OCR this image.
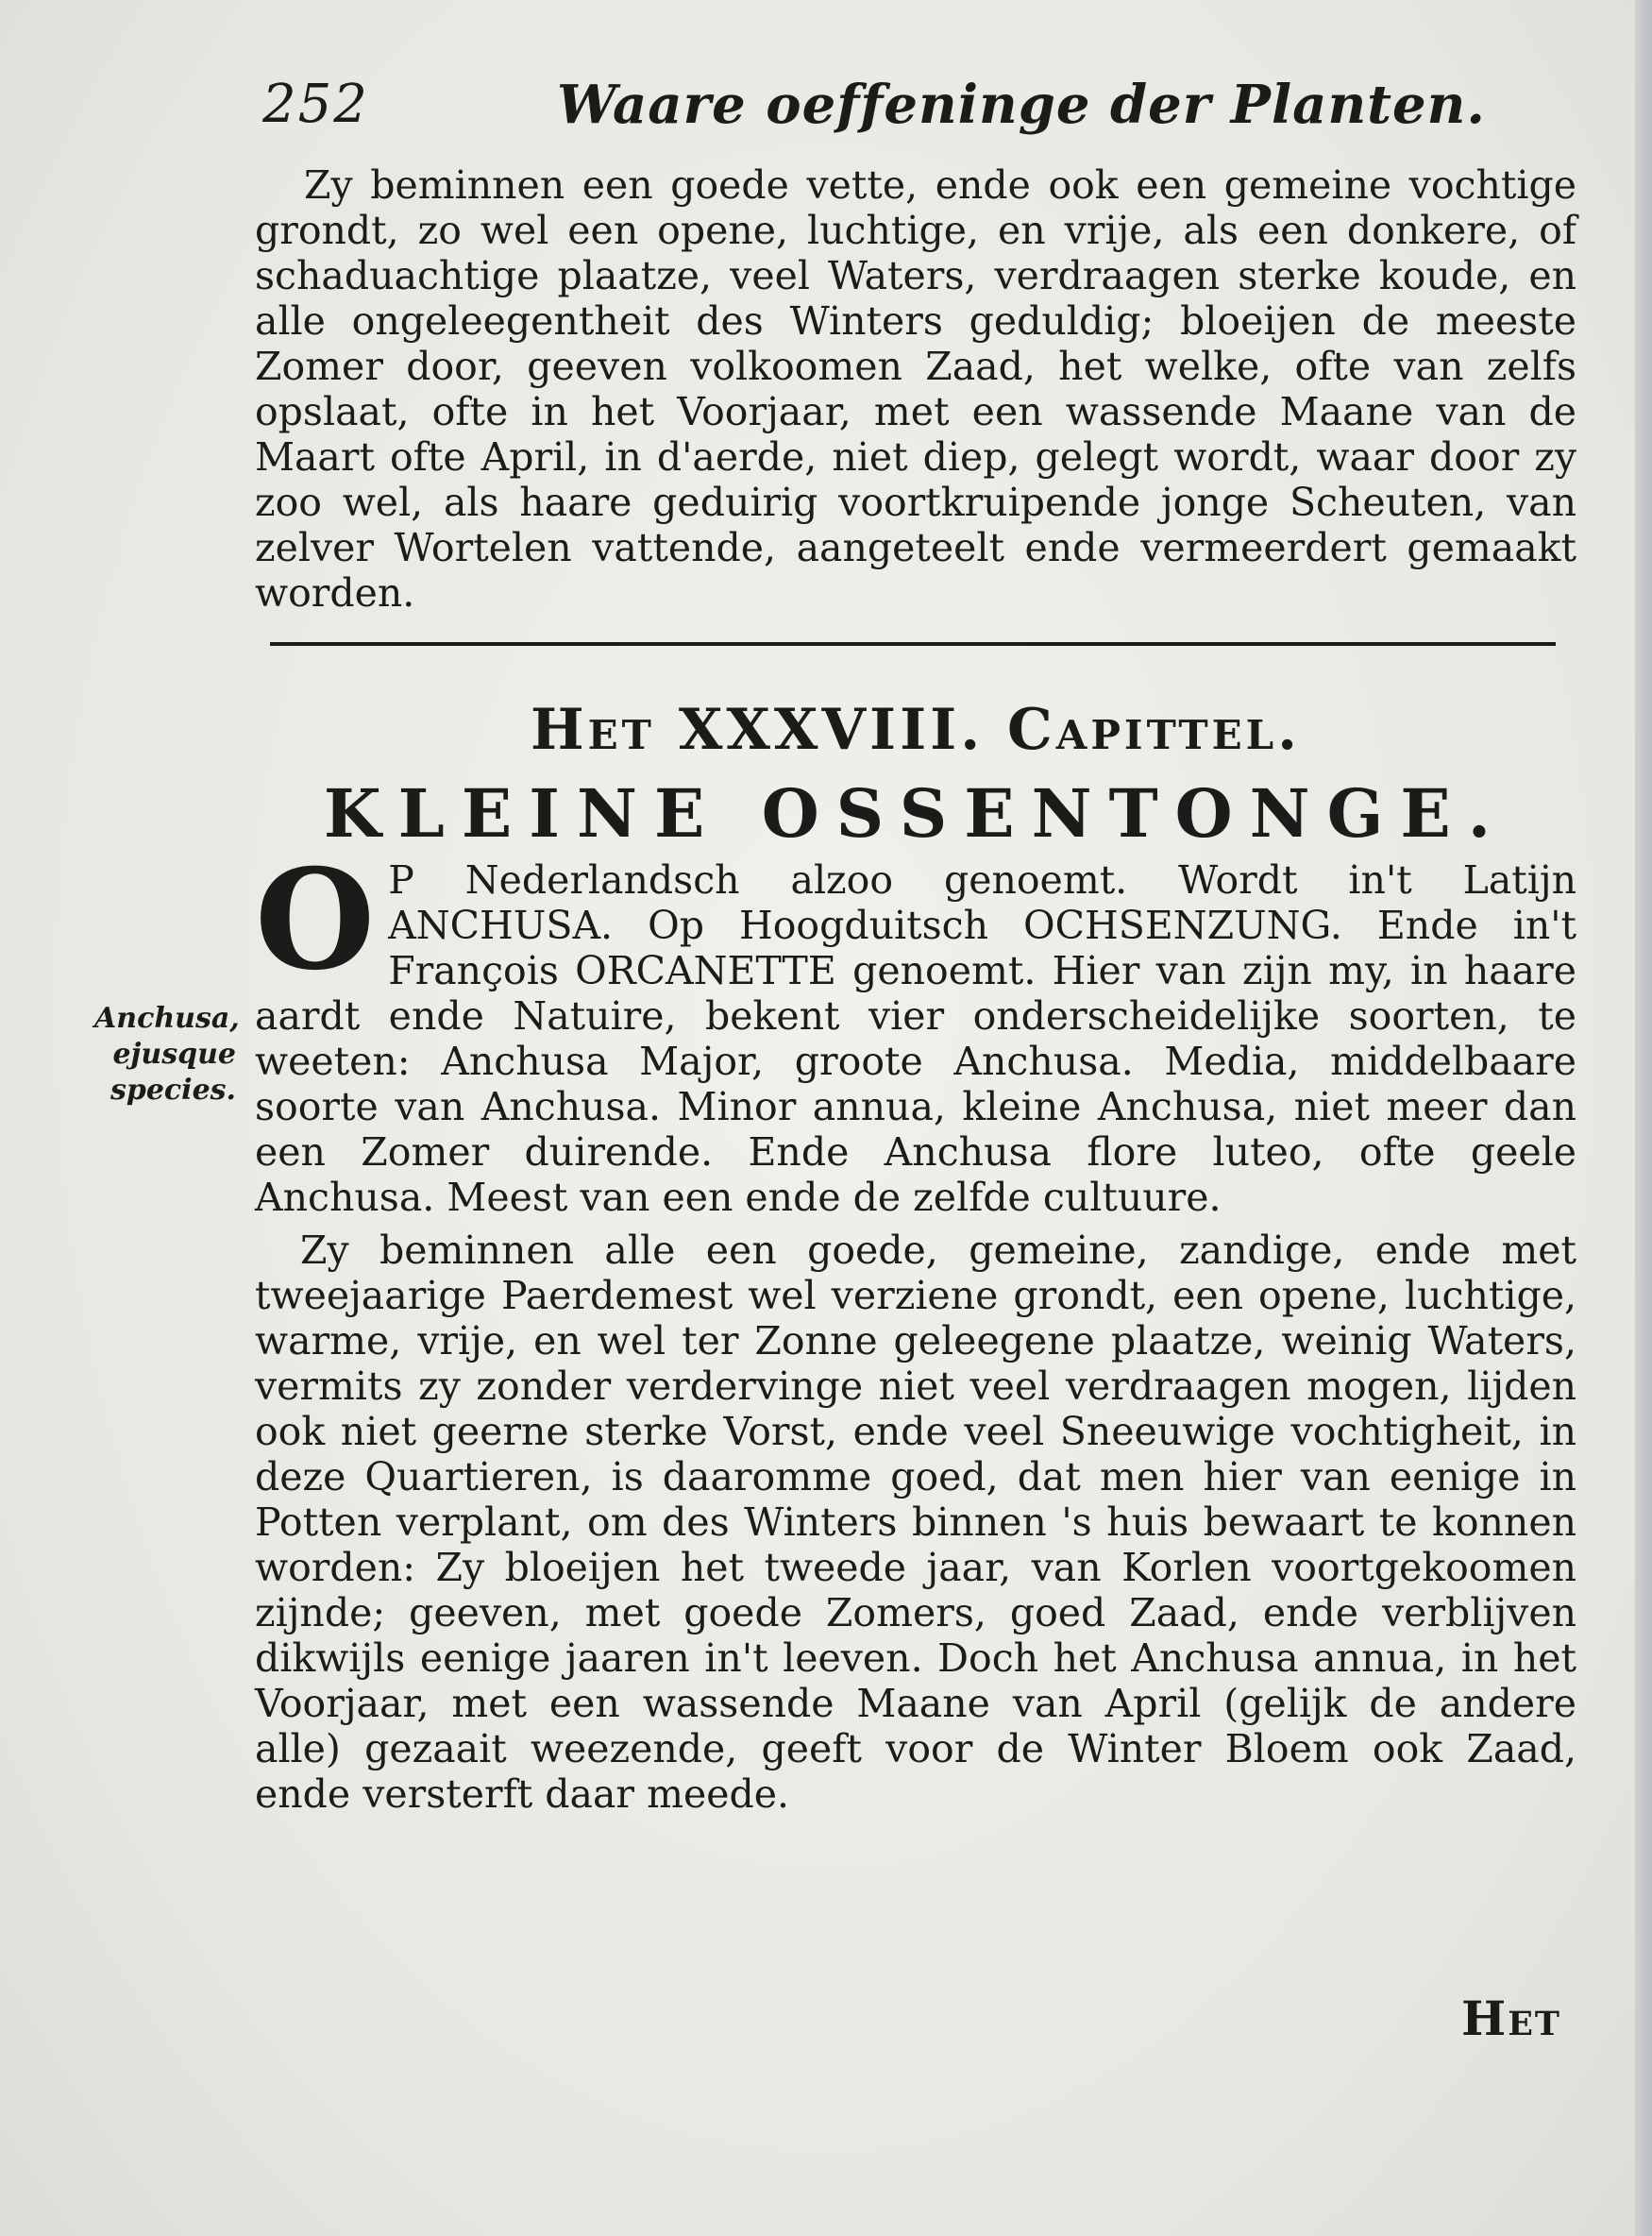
252	Waare oeffeninge der Planten.

Zy beminnen een goede vette, ende ook een gemeine vochtige grondt, zo wel een opene, luchtige, en vrije, als een donkere, of schaduachtige plaatze, veel Waters, verdraagen sterke koude, en alle ongeleegentheit des Winters geduldig; bloeijen de meeste Zomer door, geeven volkoomen Zaad, het welke, ofte van zelfs opslaat, ofte in het Voorjaar, met een wassende Maane van de Maart ofte April, in d'aerde, niet diep, gelegt wordt, waar door zy zoo wel, als haare geduirig voortkruipende jonge Scheuten, van zelver Wortelen vattende, aangeteelt ende vermeerdert gemaakt worden.

Het XXXVIII. Capittel.
KLEINE OSSENTONGE.
Anchusa, ejusque species.

O P Nederlandsch alzoo genoemt. Wordt in't Latijn ANCHUSA. Op Hoogduitsch OCHSENZUNG. Ende in't François ORCANETTE genoemt. Hier van zijn my, in haare aardt ende Natuire, bekent vier onderscheidelijke soorten, te weeten: Anchusa Major, groote Anchusa. Media, middelbaare soorte van Anchusa. Minor annua, kleine Anchusa, niet meer dan een Zomer duirende. Ende Anchusa flore luteo, ofte geele Anchusa. Meest van een ende de zelfde cultuure.

Zy beminnen alle een goede, gemeine, zandige, ende met tweejaarige Paerdemest wel verziene grondt, een opene, luchtige, warme, vrije, en wel ter Zonne geleegene plaatze, weinig Waters, vermits zy zonder verdervinge niet veel verdraagen mogen, lijden ook niet geerne sterke Vorst, ende veel Sneeuwige vochtigheit, in deze Quartieren, is daaromme goed, dat men hier van eenige in Potten verplant, om des Winters binnen 's huis bewaart te konnen worden: Zy bloeijen het tweede jaar, van Korlen voortgekoomen zijnde; geeven, met goede Zomers, goed Zaad, ende verblijven dikwijls eenige jaaren in't leeven. Doch het Anchusa annua, in het Voorjaar, met een wassende Maane van April (gelijk de andere alle) gezaait weezende, geeft voor de Winter Bloem ook Zaad, ende versterft daar meede.

Het
